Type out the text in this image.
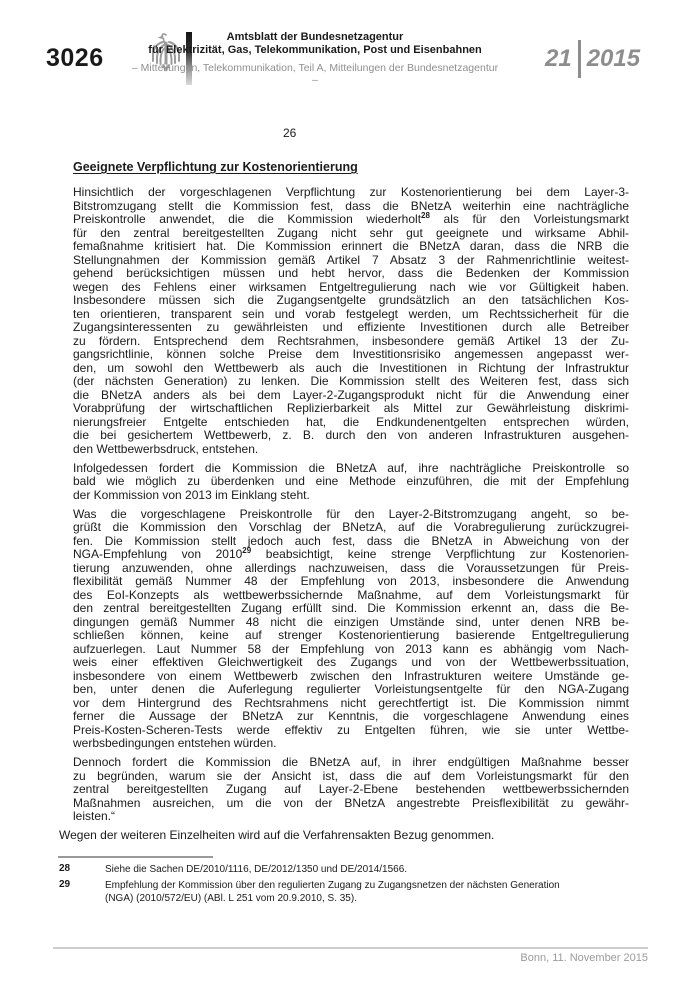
3026
Amtsblatt der Bundesnetzagentur
für Elektrizität, Gas, Telekommunikation, Post und Eisenbahnen
– Mitteilungen, Telekommunikation, Teil A, Mitteilungen der Bundesnetzagentur –
21 2015
26
Geeignete Verpflichtung zur Kostenorientierung
Hinsichtlich der vorgeschlagenen Verpflichtung zur Kostenorientierung bei dem Layer-3-
Bitstromzugang stellt die Kommission fest, dass die BNetzA weiterhin eine nachträgliche
Preiskontrolle anwendet, die die Kommission wiederholt$^{28}$ als für den Vorleistungsmarkt
für den zentral bereitgestellten Zugang nicht sehr gut geeignete und wirksame Abhil-
femaßnahme kritisiert hat. Die Kommission erinnert die BNetzA daran, dass die NRB die
Stellungnahmen der Kommission gemäß Artikel 7 Absatz 3 der Rahmenrichtlinie weitest-
gehend berücksichtigen müssen und hebt hervor, dass die Bedenken der Kommission
wegen des Fehlens einer wirksamen Entgeltregulierung nach wie vor Gültigkeit haben.
Insbesondere müssen sich die Zugangsentgelte grundsätzlich an den tatsächlichen Kos-
ten orientieren, transparent sein und vorab festgelegt werden, um Rechtssicherheit für die
Zugangsinteressenten zu gewährleisten und effiziente Investitionen durch alle Betreiber
zu fördern. Entsprechend dem Rechtsrahmen, insbesondere gemäß Artikel 13 der Zu-
gangsrichtlinie, können solche Preise dem Investitionsrisiko angemessen angepasst wer-
den, um sowohl den Wettbewerb als auch die Investitionen in Richtung der Infrastruktur
(der nächsten Generation) zu lenken. Die Kommission stellt des Weiteren fest, dass sich
die BNetzA anders als bei dem Layer-2-Zugangsprodukt nicht für die Anwendung einer
Vorabprüfung der wirtschaftlichen Replizierbarkeit als Mittel zur Gewährleistung diskrimi-
nierungsfreier Entgelte entschieden hat, die Endkundenentgelten entsprechen würden,
die bei gesichertem Wettbewerb, z. B. durch den von anderen Infrastrukturen ausgehen-
den Wettbewerbsdruck, entstehen.
Infolgedessen fordert die Kommission die BNetzA auf, ihre nachträgliche Preiskontrolle so
bald wie möglich zu überdenken und eine Methode einzuführen, die mit der Empfehlung
der Kommission von 2013 im Einklang steht.
Was die vorgeschlagene Preiskontrolle für den Layer-2-Bitstromzugang angeht, so be-
grüßt die Kommission den Vorschlag der BNetzA, auf die Vorabregulierung zurückzugrei-
fen. Die Kommission stellt jedoch auch fest, dass die BNetzA in Abweichung von der
NGA-Empfehlung von 2010$^{29}$ beabsichtigt, keine strenge Verpflichtung zur Kostenorien-
tierung anzuwenden, ohne allerdings nachzuweisen, dass die Voraussetzungen für Preis-
flexibilität gemäß Nummer 48 der Empfehlung von 2013, insbesondere die Anwendung
des EoI-Konzepts als wettbewerbssichernde Maßnahme, auf dem Vorleistungsmarkt für
den zentral bereitgestellten Zugang erfüllt sind. Die Kommission erkennt an, dass die Be-
dingungen gemäß Nummer 48 nicht die einzigen Umstände sind, unter denen NRB be-
schließen können, keine auf strenger Kostenorientierung basierende Entgeltregulierung
aufzuerlegen. Laut Nummer 58 der Empfehlung von 2013 kann es abhängig vom Nach-
weis einer effektiven Gleichwertigkeit des Zugangs und von der Wettbewerbssituation,
insbesondere von einem Wettbewerb zwischen den Infrastrukturen weitere Umstände ge-
ben, unter denen die Auferlegung regulierter Vorleistungsentgelte für den NGA-Zugang
vor dem Hintergrund des Rechtsrahmens nicht gerechtfertigt ist. Die Kommission nimmt
ferner die Aussage der BNetzA zur Kenntnis, die vorgeschlagene Anwendung eines
Preis-Kosten-Scheren-Tests werde effektiv zu Entgelten führen, wie sie unter Wettbe-
werbsbedingungen entstehen würden.
Dennoch fordert die Kommission die BNetzA auf, in ihrer endgültigen Maßnahme besser
zu begründen, warum sie der Ansicht ist, dass die auf dem Vorleistungsmarkt für den
zentral bereitgestellten Zugang auf Layer-2-Ebene bestehenden wettbewerbssichernden
Maßnahmen ausreichen, um die von der BNetzA angestrebte Preisflexibilität zu gewähr-
leisten.“
Wegen der weiteren Einzelheiten wird auf die Verfahrensakten Bezug genommen.
28	Siehe die Sachen DE/2010/1116, DE/2012/1350 und DE/2014/1566.
29	Empfehlung der Kommission über den regulierten Zugang zu Zugangsnetzen der nächsten Generation
(NGA) (2010/572/EU) (ABl. L 251 vom 20.9.2010, S. 35).
Bonn, 11. November 2015
